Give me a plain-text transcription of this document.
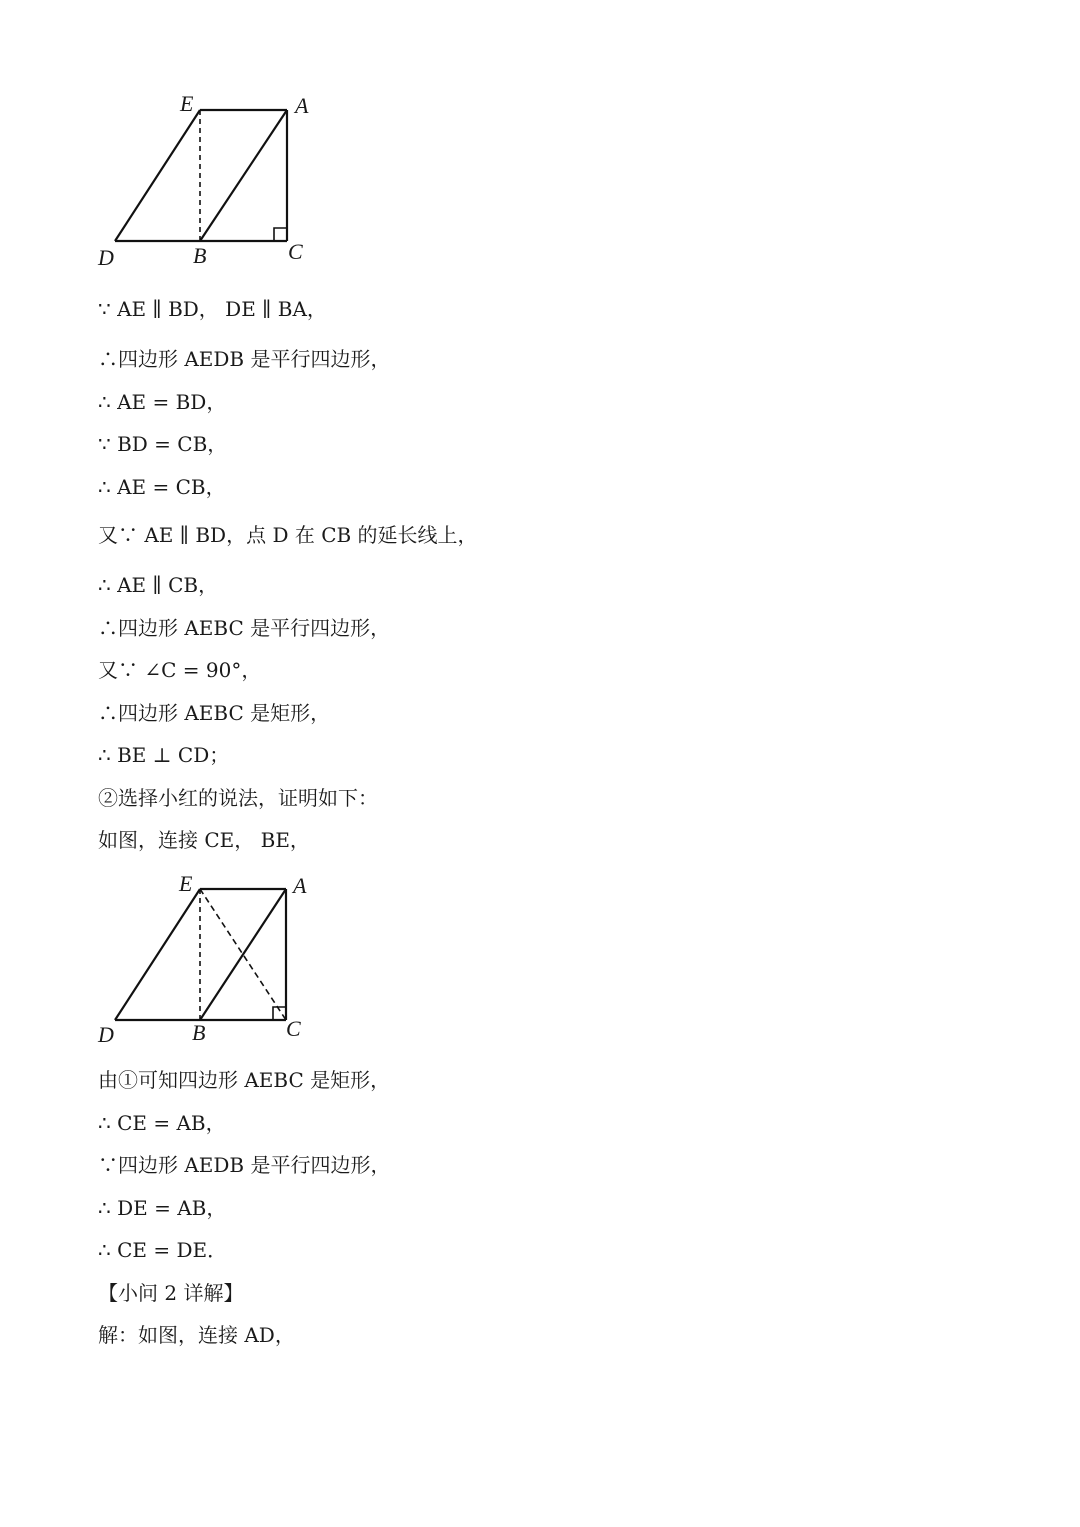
E	A
D	B	C
∵ AE ∥ BD， DE ∥ BA，
∴四边形 AEDB 是平行四边形，
∴ AE = BD，
∵ BD = CB，
∴ AE = CB，
又∵ AE ∥ BD，点 D 在 CB 的延长线上，
∴ AE ∥ CB，
∴四边形 AEBC 是平行四边形，
又∵ ∠C = 90°，
∴四边形 AEBC 是矩形，
∴ BE ⊥ CD；
②选择小红的说法，证明如下：
如图，连接 CE， BE，
E	A
D	B	C
由①可知四边形 AEBC 是矩形，
∴ CE = AB，
∵四边形 AEDB 是平行四边形，
∴ DE = AB，
∴ CE = DE．
【小问 2 详解】
解：如图，连接 AD，
